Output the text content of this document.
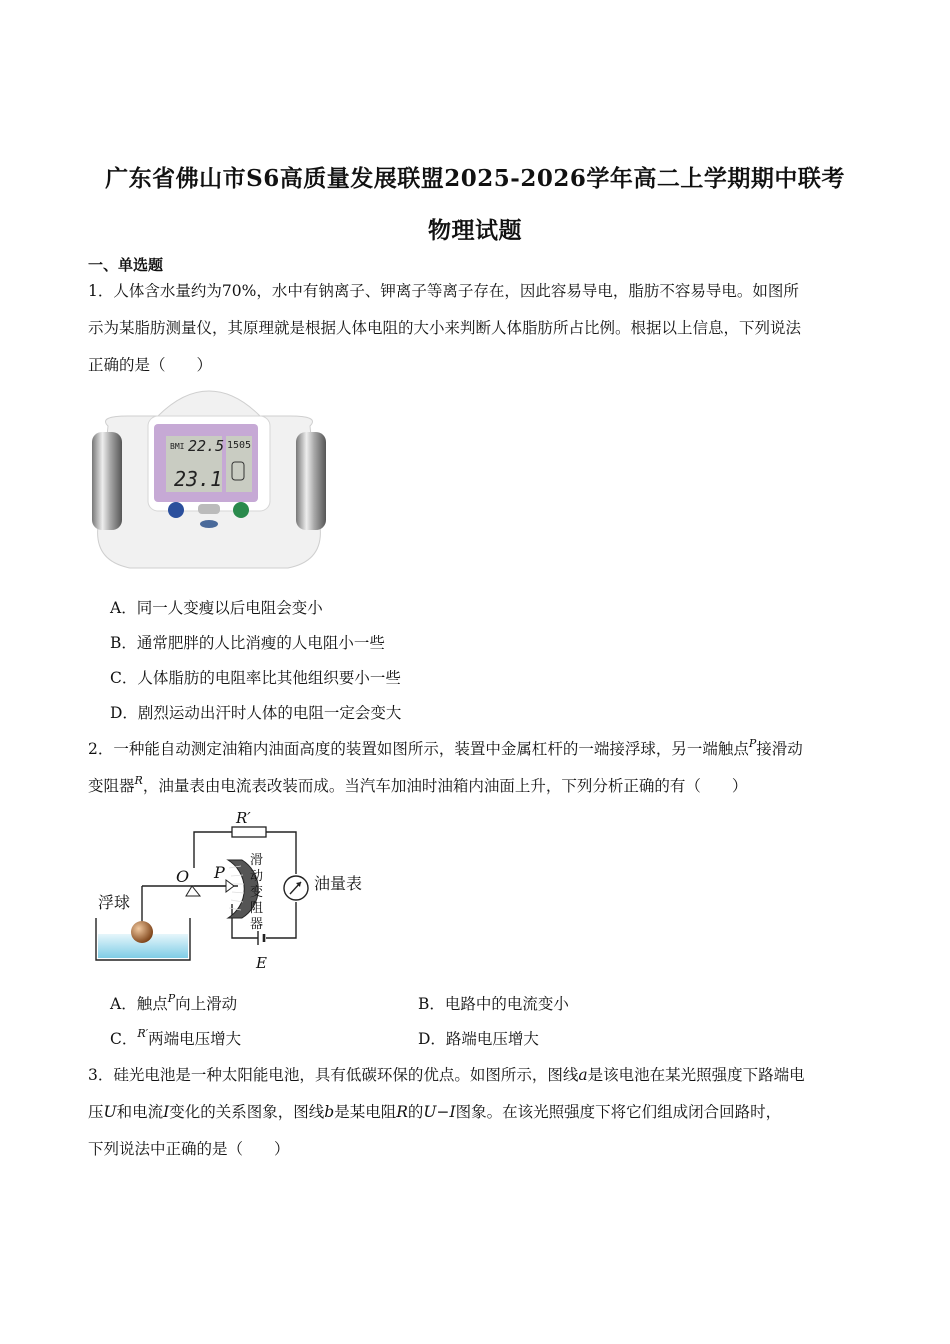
广东省佛山市S6高质量发展联盟2025-2026学年高二上学期期中联考
物理试题
一、单选题
1．人体含水量约为70%，水中有钠离子、钾离子等离子存在，因此容易导电，脂肪不容易导电。如图所
示为某脂肪测量仪，其原理就是根据人体电阻的大小来判断人体脂肪所占比例。根据以上信息，下列说法
正确的是（　　）
BMI 22.5 1505
23.1
A．同一人变瘦以后电阻会变小
B．通常肥胖的人比消瘦的人电阻小一些
C．人体脂肪的电阻率比其他组织要小一些
D．剧烈运动出汗时人体的电阻一定会变大
2．一种能自动测定油箱内油面高度的装置如图所示，装置中金属杠杆的一端接浮球，另一端触点$^P$接滑动
变阻器$^R$，油量表由电流表改装而成。当汽车加油时油箱内油面上升，下列分析正确的有（　　）
R′
E
油量表
O P
滑
动
变
阻
器
浮球
A．触点$^P$向上滑动	B．电路中的电流变小
C．$^{R'}$两端电压增大	D．路端电压增大
3．硅光电池是一种太阳能电池，具有低碳环保的优点。如图所示，图线a是该电池在某光照强度下路端电
压U和电流I变化的关系图象，图线b是某电阻R的U−I图象。在该光照强度下将它们组成闭合回路时，
下列说法中正确的是（　　）
